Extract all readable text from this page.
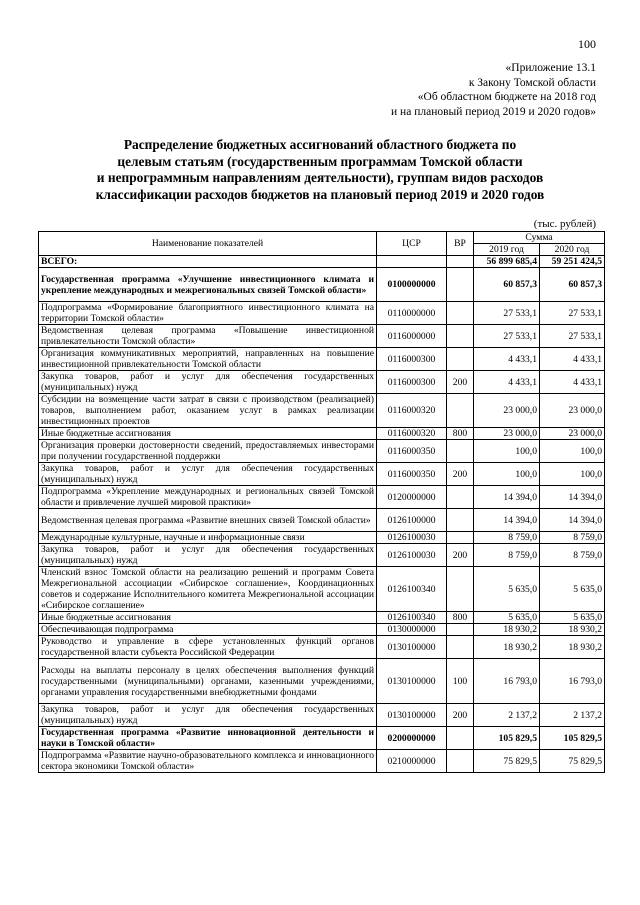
100
«Приложение 13.1
к Закону Томской области
«Об областном бюджете на 2018 год
и на плановый период 2019 и 2020 годов»
Распределение бюджетных ассигнований областного бюджета по
целевым статьям (государственным программам Томской области
и непрограммным направлениям деятельности), группам видов расходов
классификации расходов бюджетов на плановый период 2019 и 2020 годов
(тыс. рублей)
Наименование показателей	ЦСР	ВР	Сумма	
			2019 год	2020 год
ВСЕГО:			56 899 685,4	59 251 424,5
Государственная программа «Улучшение инвестиционного климата и укрепление международных и межрегиональных связей Томской области»	0100000000		60 857,3	60 857,3
Подпрограмма «Формирование благоприятного инвестиционного климата на территории Томской области»	0110000000		27 533,1	27 533,1
Ведомственная целевая программа «Повышение инвестиционной привлекательности Томской области»	0116000000		27 533,1	27 533,1
Организация коммуникативных мероприятий, направленных на повышение инвестиционной привлекательности Томской области	0116000300		4 433,1	4 433,1
Закупка товаров, работ и услуг для обеспечения государственных (муниципальных) нужд	0116000300	200	4 433,1	4 433,1
Субсидии на возмещение части затрат в связи с производством (реализацией) товаров, выполнением работ, оказанием услуг в рамках реализации инвестиционных проектов	0116000320		23 000,0	23 000,0
Иные бюджетные ассигнования	0116000320	800	23 000,0	23 000,0
Организация проверки достоверности сведений, предоставляемых инвесторами при получении государственной поддержки	0116000350		100,0	100,0
Закупка товаров, работ и услуг для обеспечения государственных (муниципальных) нужд	0116000350	200	100,0	100,0
Подпрограмма «Укрепление международных и региональных связей Томской области и привлечение лучшей мировой практики»	0120000000		14 394,0	14 394,0
Ведомственная целевая программа «Развитие внешних связей Томской области»	0126100000		14 394,0	14 394,0
Международные культурные, научные и информационные связи	0126100030		8 759,0	8 759,0
Закупка товаров, работ и услуг для обеспечения государственных (муниципальных) нужд	0126100030	200	8 759,0	8 759,0
Членский взнос Томской области на реализацию решений и программ Совета Межрегиональной ассоциации «Сибирское соглашение», Координационных советов и содержание Исполнительного комитета Межрегиональной ассоциации «Сибирское соглашение»	0126100340		5 635,0	5 635,0
Иные бюджетные ассигнования	0126100340	800	5 635,0	5 635,0
Обеспечивающая подпрограмма	0130000000		18 930,2	18 930,2
Руководство и управление в сфере установленных функций органов государственной власти субъекта Российской Федерации	0130100000		18 930,2	18 930,2
Расходы на выплаты персоналу в целях обеспечения выполнения функций государственными (муниципальными) органами, казенными учреждениями, органами управления государственными внебюджетными фондами	0130100000	100	16 793,0	16 793,0
Закупка товаров, работ и услуг для обеспечения государственных (муниципальных) нужд	0130100000	200	2 137,2	2 137,2
Государственная программа «Развитие инновационной деятельности и науки в Томской области»	0200000000		105 829,5	105 829,5
Подпрограмма «Развитие научно-образовательного комплекса и инновационного сектора экономики Томской области»	0210000000		75 829,5	75 829,5
